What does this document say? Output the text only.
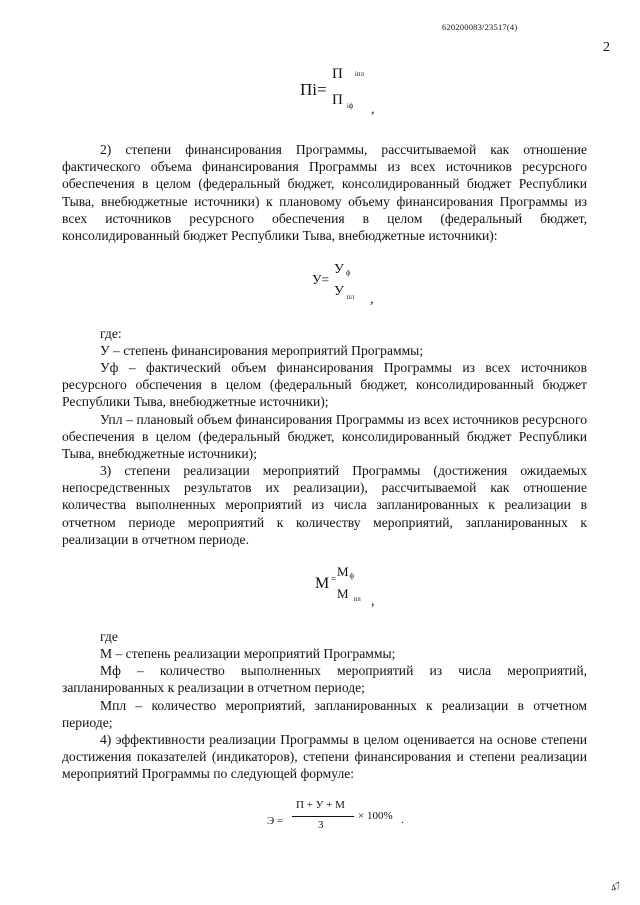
620200083/23517(4)
2
Пi=
П iпл
П $_{iф}$ ,

2) степени финансирования Программы, рассчитываемой как отношение фактического объема финансирования Программы из всех источников ресурсного обеспечения в целом (федеральный бюджет, консолидированный бюджет Республики Тыва, внебюджетные источники) к плановому объему финансирования Программы из всех источников ресурсного обеспечения в целом (федеральный бюджет, консолидированный бюджет Республики Тыва, внебюджетные источники):

У=
Уф
У $_{пл}$ ,

где:

У – степень финансирования мероприятий Программы;

Уф – фактический объем финансирования Программы из всех источников ресурсного обспечения в целом (федеральный бюджет, консолидированный бюджет Республики Тыва, внебюджетные источники);

Упл – плановый объем финансирования Программы из всех источников ресурсного обеспечения в целом (федеральный бюджет, консолидированный бюджет Республики Тыва, внебюджетные источники);

3) степени реализации мероприятий Программы (достижения ожидаемых непосредственных результатов их реализации), рассчитываемой как отношение количества выполненных мероприятий из числа запланированных к реализации в отчетном периоде мероприятий к количеству мероприятий, запланированных к реализации в отчетном периоде.

М = Мф
М $_{пл}$ ,

где

М – степень реализации мероприятий Программы;

Мф – количество выполненных мероприятий из числа мероприятий, запланированных к реализации в отчетном периоде;

Мпл – количество мероприятий, запланированных к реализации в отчетном периоде;

4) эффективности реализации Программы в целом оценивается на основе степени достижения показателей (индикаторов), степени финансирования и степени реализации мероприятий Программы по следующей формуле:

Э =
П + У + М
3
× 100% .
47
